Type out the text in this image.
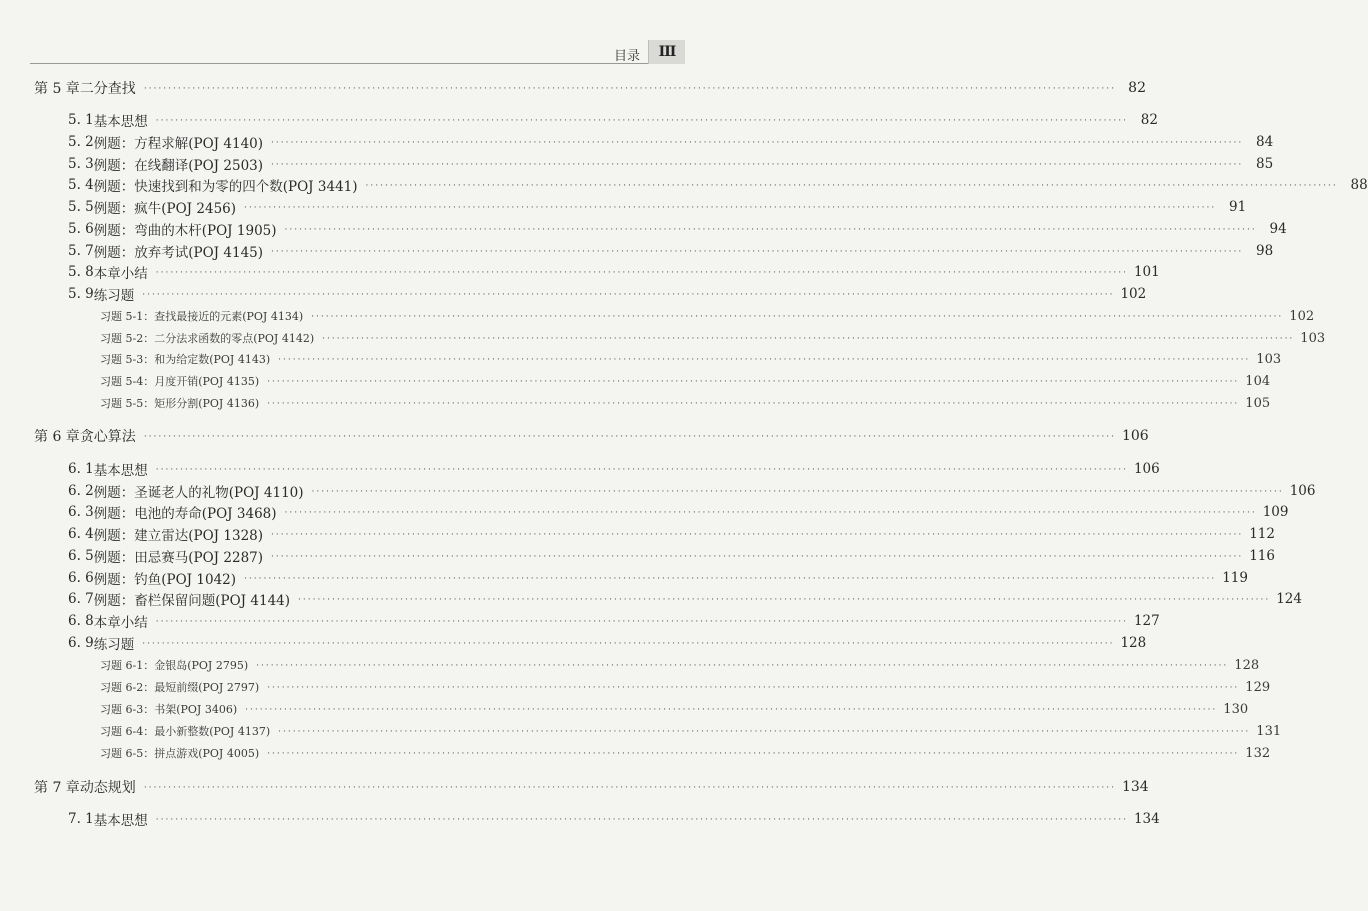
目录	III
第 5 章 二分查找 ········································································································································································································ 82
5. 1 基本思想 ········································································································································································································ 82
5. 2 例题：方程求解(POJ 4140) ········································································································································································································ 84
5. 3 例题：在线翻译(POJ 2503) ········································································································································································································ 85
5. 4 例题：快速找到和为零的四个数(POJ 3441) ········································································································································································································ 88
5. 5 例题：疯牛(POJ 2456) ········································································································································································································ 91
5. 6 例题：弯曲的木杆(POJ 1905) ········································································································································································································ 94
5. 7 例题：放弃考试(POJ 4145) ········································································································································································································ 98
5. 8 本章小结 ········································································································································································································ 101
5. 9 练习题 ········································································································································································································ 102
习题 5-1：查找最接近的元素(POJ 4134) ········································································································································································································ 102
习题 5-2：二分法求函数的零点(POJ 4142) ········································································································································································································ 103
习题 5-3：和为给定数(POJ 4143) ········································································································································································································ 103
习题 5-4：月度开销(POJ 4135) ········································································································································································································ 104
习题 5-5：矩形分割(POJ 4136) ········································································································································································································ 105
第 6 章 贪心算法 ········································································································································································································ 106
6. 1 基本思想 ········································································································································································································ 106
6. 2 例题：圣诞老人的礼物(POJ 4110) ········································································································································································································ 106
6. 3 例题：电池的寿命(POJ 3468) ········································································································································································································ 109
6. 4 例题：建立雷达(POJ 1328) ········································································································································································································ 112
6. 5 例题：田忌赛马(POJ 2287) ········································································································································································································ 116
6. 6 例题：钓鱼(POJ 1042) ········································································································································································································ 119
6. 7 例题：畜栏保留问题(POJ 4144) ········································································································································································································ 124
6. 8 本章小结 ········································································································································································································ 127
6. 9 练习题 ········································································································································································································ 128
习题 6-1：金银岛(POJ 2795) ········································································································································································································ 128
习题 6-2：最短前缀(POJ 2797) ········································································································································································································ 129
习题 6-3：书架(POJ 3406) ········································································································································································································ 130
习题 6-4：最小新整数(POJ 4137) ········································································································································································································ 131
习题 6-5：拼点游戏(POJ 4005) ········································································································································································································ 132
第 7 章 动态规划 ········································································································································································································ 134
7. 1 基本思想 ········································································································································································································ 134
